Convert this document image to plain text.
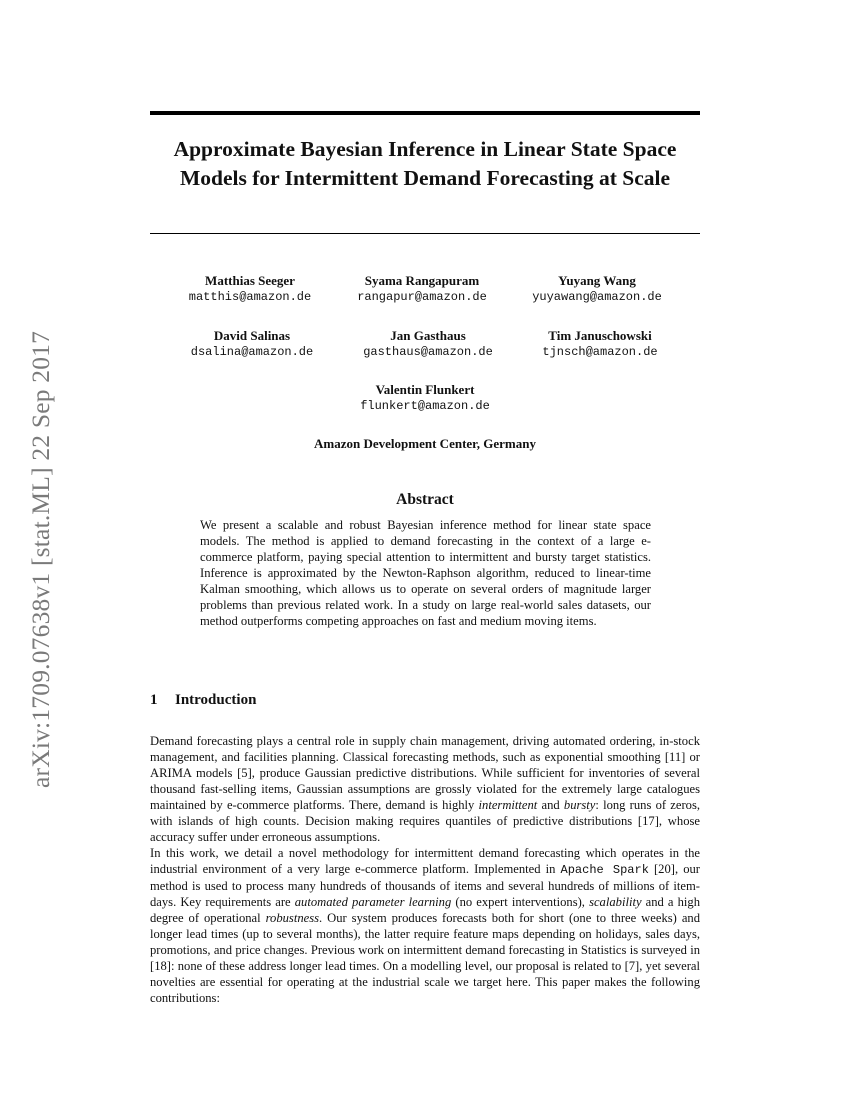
Approximate Bayesian Inference in Linear State Space Models for Intermittent Demand Forecasting at Scale
arXiv:1709.07638v1 [stat.ML] 22 Sep 2017
Matthias Seeger
matthis@amazon.de
Syama Rangapuram
rangapur@amazon.de
Yuyang Wang
yuyawang@amazon.de
David Salinas
dsalina@amazon.de
Jan Gasthaus
gasthaus@amazon.de
Tim Januschowski
tjnsch@amazon.de
Valentin Flunkert
flunkert@amazon.de
Amazon Development Center, Germany
Abstract

We present a scalable and robust Bayesian inference method for linear state space models. The method is applied to demand forecasting in the context of a large e-commerce platform, paying special attention to intermittent and bursty target statistics. Inference is approximated by the Newton-Raphson algorithm, reduced to linear-time Kalman smoothing, which allows us to operate on several orders of magnitude larger problems than previous related work. In a study on large real-world sales datasets, our method outperforms competing approaches on fast and medium moving items.

1 Introduction

Demand forecasting plays a central role in supply chain management, driving automated ordering, in-stock management, and facilities planning. Classical forecasting methods, such as exponential smoothing [11] or ARIMA models [5], produce Gaussian predictive distributions. While sufficient for inventories of several thousand fast-selling items, Gaussian assumptions are grossly violated for the extremely large catalogues maintained by e-commerce platforms. There, demand is highly intermittent and bursty: long runs of zeros, with islands of high counts. Decision making requires quantiles of predictive distributions [17], whose accuracy suffer under erroneous assumptions.

In this work, we detail a novel methodology for intermittent demand forecasting which operates in the industrial environment of a very large e-commerce platform. Implemented in Apache Spark [20], our method is used to process many hundreds of thousands of items and several hundreds of millions of item-days. Key requirements are automated parameter learning (no expert interventions), scalability and a high degree of operational robustness. Our system produces forecasts both for short (one to three weeks) and longer lead times (up to several months), the latter require feature maps depending on holidays, sales days, promotions, and price changes. Previous work on intermittent demand forecasting in Statistics is surveyed in [18]: none of these address longer lead times. On a modelling level, our proposal is related to [7], yet several novelties are essential for operating at the industrial scale we target here. This paper makes the following contributions:
